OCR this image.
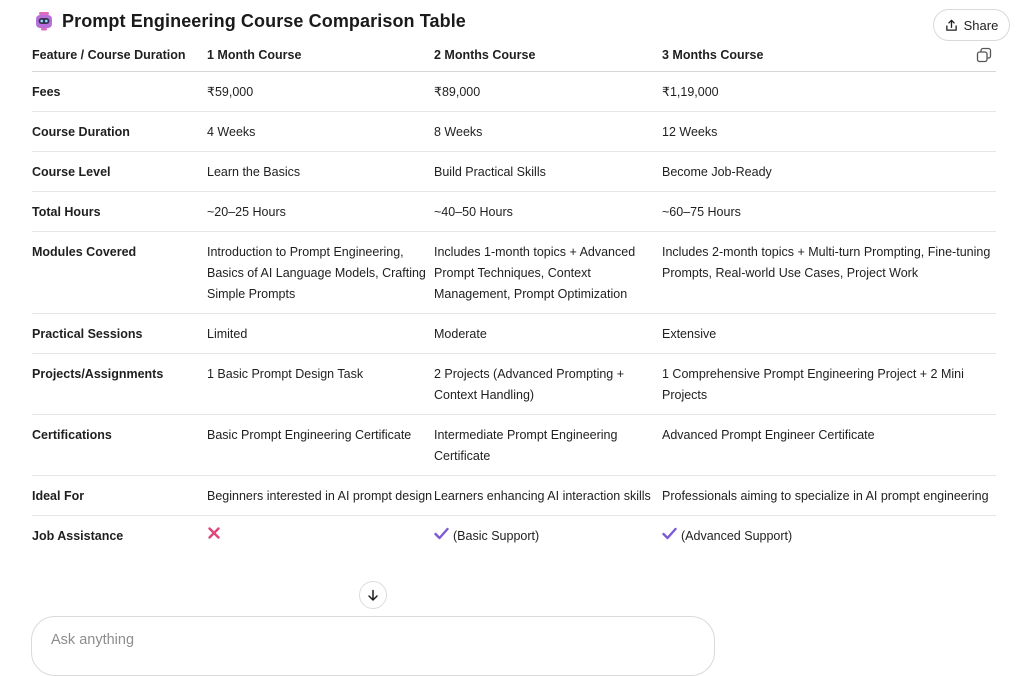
Prompt Engineering Course Comparison Table	Share
Feature / Course Duration	1 Month Course	2 Months Course	3 Months Course
Fees	₹59,000	₹89,000	₹1,19,000
Course Duration	4 Weeks	8 Weeks	12 Weeks
Course Level	Learn the Basics	Build Practical Skills	Become Job-Ready
Total Hours	~20–25 Hours	~40–50 Hours	~60–75 Hours
Modules Covered	Introduction to Prompt Engineering, Basics of AI Language Models, Crafting Simple Prompts	Includes 1-month topics + Advanced Prompt Techniques, Context Management, Prompt Optimization	Includes 2-month topics + Multi-turn Prompting, Fine-tuning Prompts, Real-world Use Cases, Project Work
Practical Sessions	Limited	Moderate	Extensive
Projects/Assignments	1 Basic Prompt Design Task	2 Projects (Advanced Prompting + Context Handling)	1 Comprehensive Prompt Engineering Project + 2 Mini Projects
Certifications	Basic Prompt Engineering Certificate	Intermediate Prompt Engineering Certificate	Advanced Prompt Engineer Certificate
Ideal For	Beginners interested in AI prompt design	Learners enhancing AI interaction skills	Professionals aiming to specialize in AI prompt engineering
Job Assistance		(Basic Support)	(Advanced Support)
Ask anything
